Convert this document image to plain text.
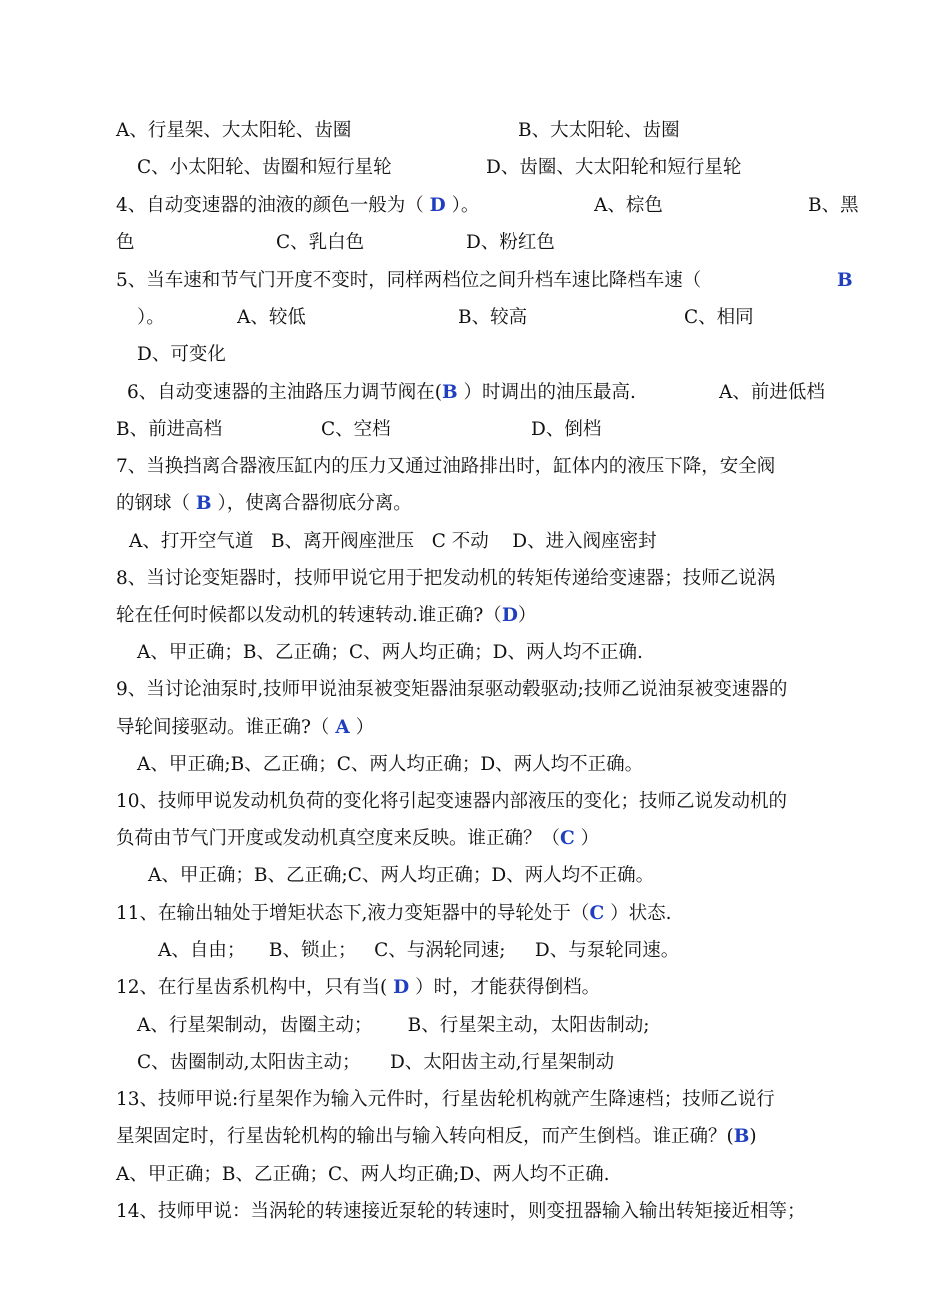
A、行星架、大太阳轮、齿圈	B、大太阳轮、齿圈
C、小太阳轮、齿圈和短行星轮	D、齿圈、大太阳轮和短行星轮
4、自动变速器的油液的颜色一般为（ D ）。	A、棕色	B、黑
色	C、乳白色	D、粉红色
5、当车速和节气门开度不变时，同样两档位之间升档车速比降档车速（	B
）。	A、较低	B、较高	C、相同
D、可变化
6、自动变速器的主油路压力调节阀在(B ）时调出的油压最高.	A、前进低档
B、前进高档	C、空档	D、倒档
7、当换挡离合器液压缸内的压力又通过油路排出时，缸体内的液压下降，安全阀
的钢球（ B ），使离合器彻底分离。
A、打开空气道   B、离开阀座泄压   C 不动    D、进入阀座密封
8、当讨论变矩器时，技师甲说它用于把发动机的转矩传递给变速器；技师乙说涡
轮在任何时候都以发动机的转速转动.谁正确?（D）
A、甲正确；B、乙正确；C、两人均正确；D、两人均不正确.
9、当讨论油泵时,技师甲说油泵被变矩器油泵驱动毂驱动;技师乙说油泵被变速器的
导轮间接驱动。谁正确?（ A ）
A、甲正确;B、乙正确；C、两人均正确；D、两人均不正确。
10、技师甲说发动机负荷的变化将引起变速器内部液压的变化；技师乙说发动机的
负荷由节气门开度或发动机真空度来反映。谁正确？（C ）
A、甲正确；B、乙正确;C、两人均正确；D、两人均不正确。
11、在输出轴处于增矩状态下,液力变矩器中的导轮处于（C ）状态.
A、自由；    B、锁止；   C、与涡轮同速;     D、与泵轮同速。
12、在行星齿系机构中，只有当( D ）时，才能获得倒档。
A、行星架制动，齿圈主动；      B、行星架主动，太阳齿制动;
C、齿圈制动,太阳齿主动；     D、太阳齿主动,行星架制动
13、技师甲说:行星架作为输入元件时，行星齿轮机构就产生降速档；技师乙说行
星架固定时，行星齿轮机构的输出与输入转向相反，而产生倒档。谁正确？(B)
A、甲正确；B、乙正确；C、两人均正确;D、两人均不正确.
14、技师甲说：当涡轮的转速接近泵轮的转速时，则变扭器输入输出转矩接近相等；
